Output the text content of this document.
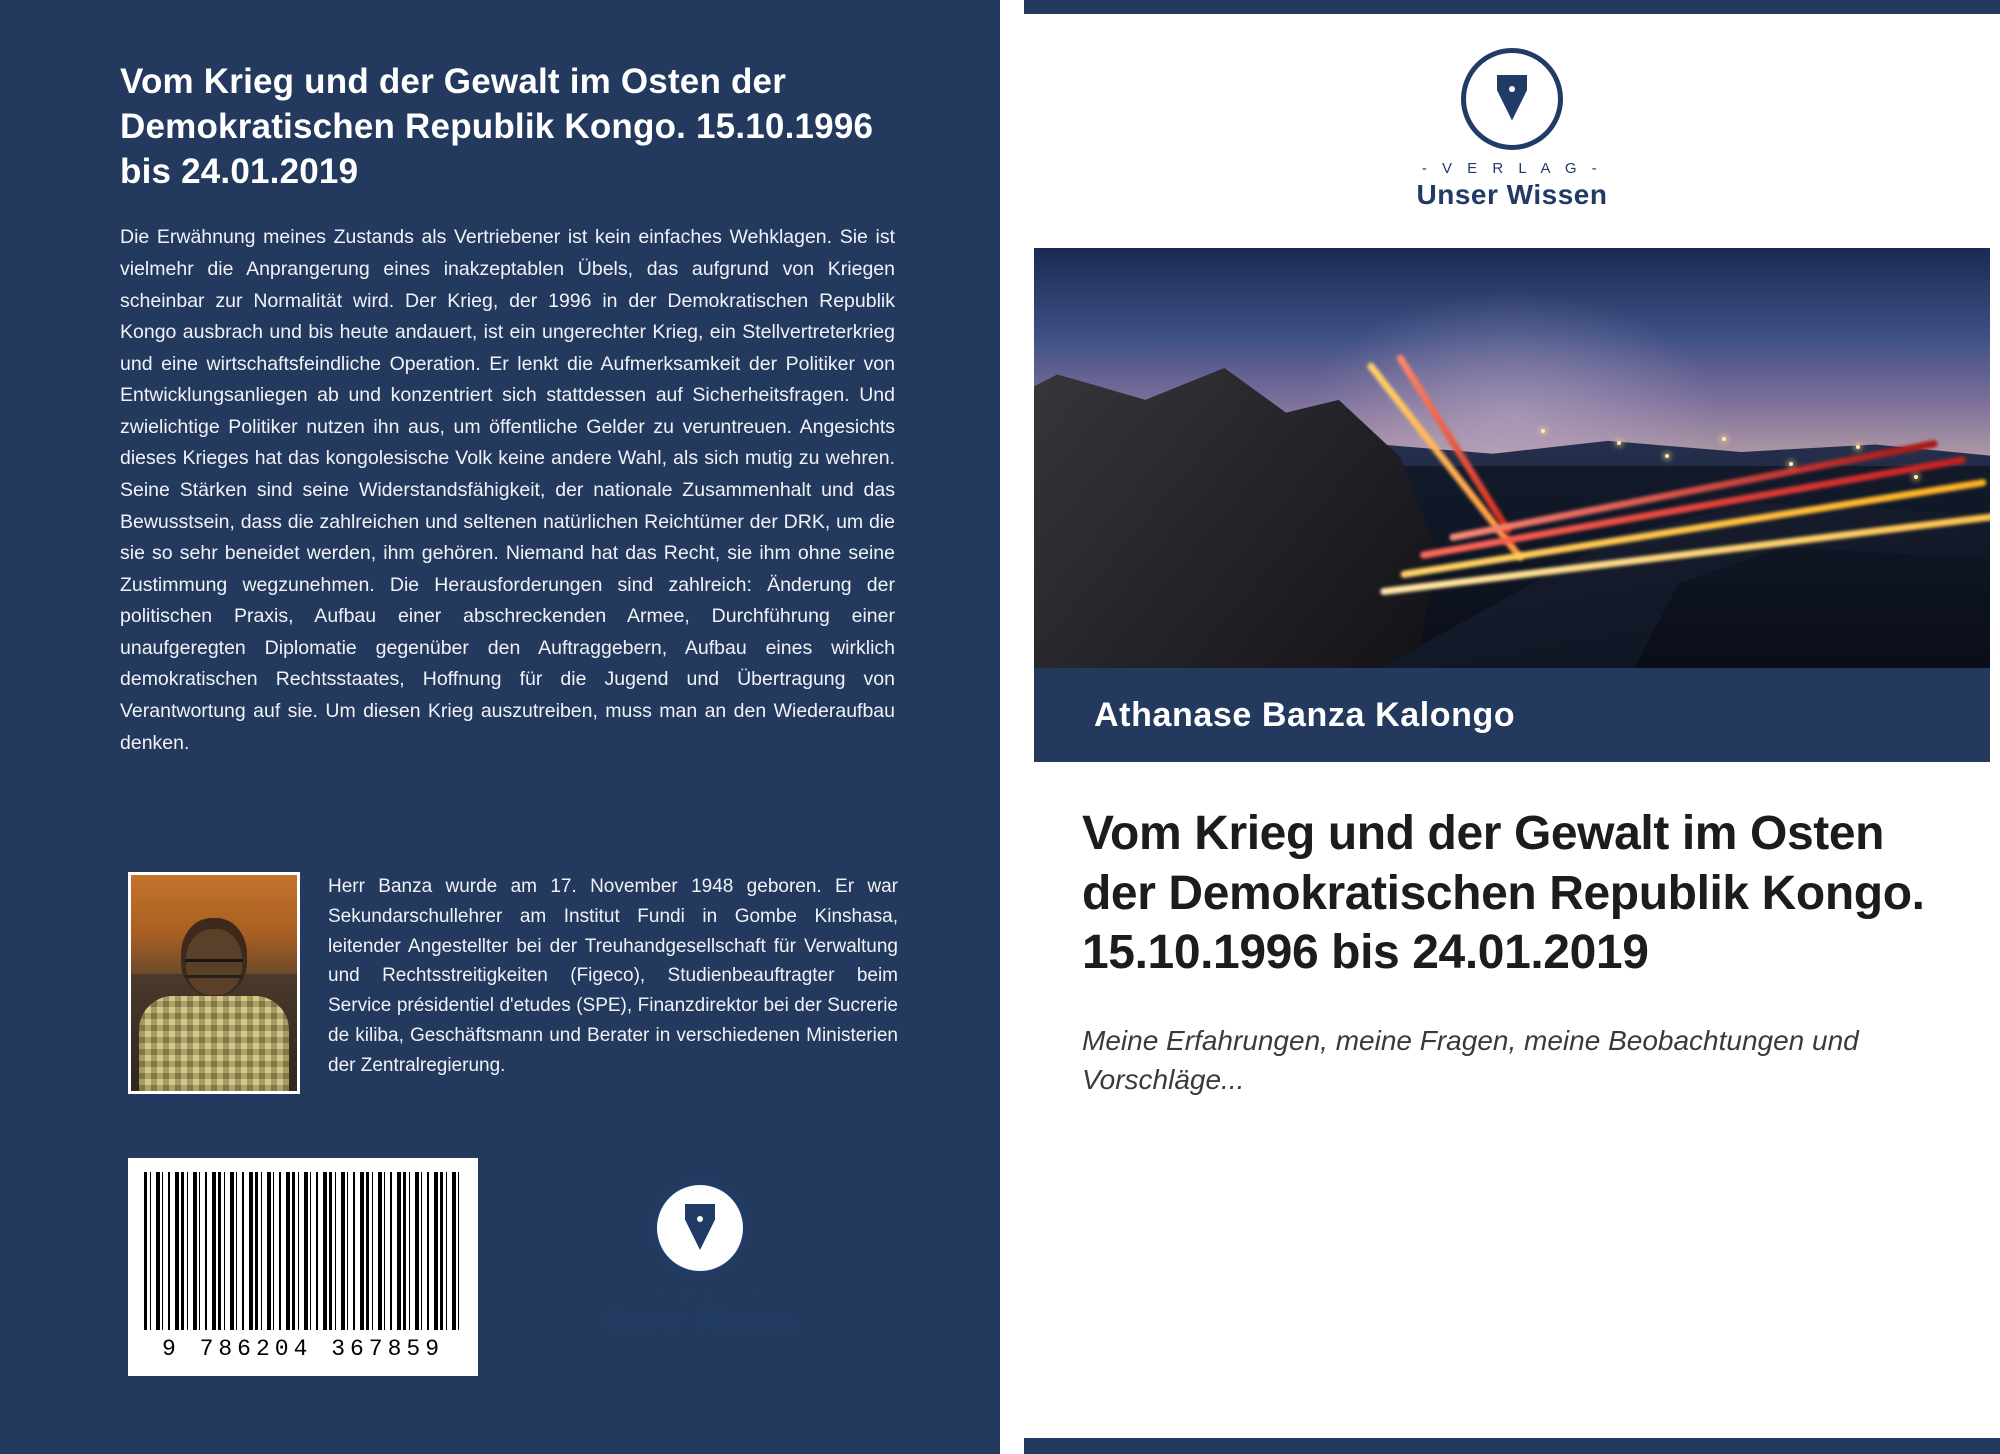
Vom Krieg und der Gewalt im Osten der Demokratischen Republik Kongo. 15.10.1996 bis 24.01.2019

Die Erwähnung meines Zustands als Vertriebener ist kein einfaches Wehklagen. Sie ist vielmehr die Anprangerung eines inakzeptablen Übels, das aufgrund von Kriegen scheinbar zur Normalität wird. Der Krieg, der 1996 in der Demokratischen Republik Kongo ausbrach und bis heute andauert, ist ein ungerechter Krieg, ein Stellvertreterkrieg und eine wirtschaftsfeindliche Operation. Er lenkt die Aufmerksamkeit der Politiker von Entwicklungsanliegen ab und konzentriert sich stattdessen auf Sicherheitsfragen. Und zwielichtige Politiker nutzen ihn aus, um öffentliche Gelder zu veruntreuen. Angesichts dieses Krieges hat das kongolesische Volk keine andere Wahl, als sich mutig zu wehren. Seine Stärken sind seine Widerstandsfähigkeit, der nationale Zusammenhalt und das Bewusstsein, dass die zahlreichen und seltenen natürlichen Reichtümer der DRK, um die sie so sehr beneidet werden, ihm gehören. Niemand hat das Recht, sie ihm ohne seine Zustimmung wegzunehmen. Die Herausforderungen sind zahlreich: Änderung der politischen Praxis, Aufbau einer abschreckenden Armee, Durchführung einer unaufgeregten Diplomatie gegenüber den Auftraggebern, Aufbau eines wirklich demokratischen Rechtsstaates, Hoffnung für die Jugend und Übertragung von Verantwortung auf sie. Um diesen Krieg auszutreiben, muss man an den Wiederaufbau denken.

Herr Banza wurde am 17. November 1948 geboren. Er war Sekundarschullehrer am Institut Fundi in Gombe Kinshasa, leitender Angestellter bei der Treuhandgesellschaft für Verwaltung und Rechtsstreitigkeiten (Figeco), Studienbeauftragter beim Service présidentiel d'etudes (SPE), Finanzdirektor bei der Sucrerie de kiliba, Geschäftsmann und Berater in verschiedenen Ministerien der Zentralregierung.
9 786204 367859
- V E R L A G -
Unser Wissen
- V E R L A G -
Unser Wissen
Athanase Banza Kalongo
Vom Krieg und der Gewalt im Osten der Demokratischen Republik Kongo. 15.10.1996 bis 24.01.2019

Meine Erfahrungen, meine Fragen, meine Beobachtungen und Vorschläge...
